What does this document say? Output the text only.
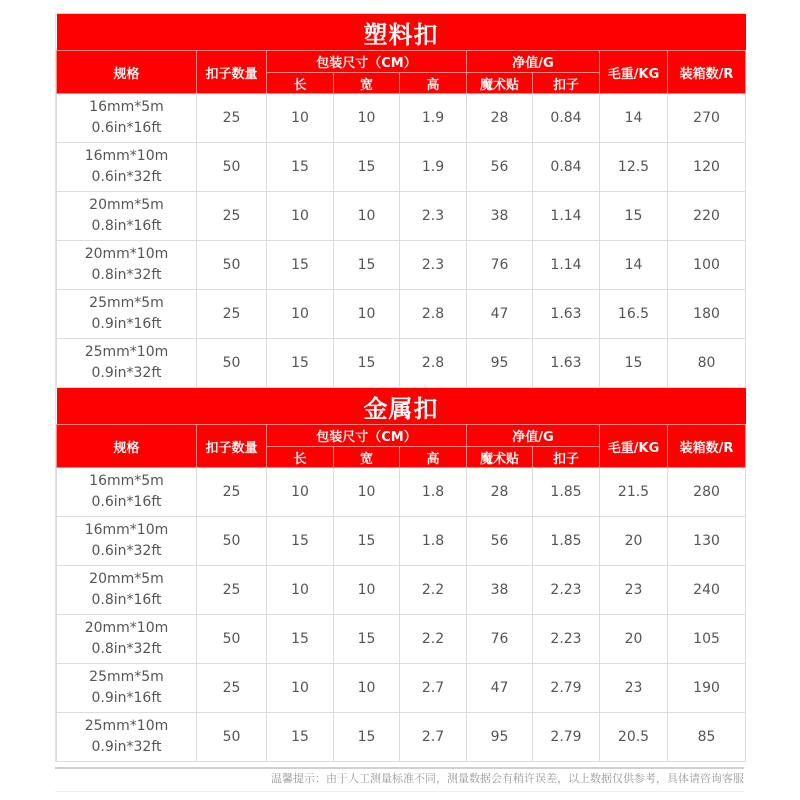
塑料扣								
规格	扣子数量	包装尺寸（CM）			净值/G		毛重/KG	装箱数/R
		长	宽	高	魔术贴	扣子		

16mm*5m
0.6in*16ft	25	10	10	1.9	28	0.84	14	270

16mm*10m
0.6in*32ft	50	15	15	1.9	56	0.84	12.5	120

20mm*5m
0.8in*16ft	25	10	10	2.3	38	1.14	15	220

20mm*10m
0.8in*32ft	50	15	15	2.3	76	1.14	14	100

25mm*5m
0.9in*16ft	25	10	10	2.8	47	1.63	16.5	180

25mm*10m
0.9in*32ft	50	15	15	2.8	95	1.63	15	80
金属扣								
规格	扣子数量	包装尺寸（CM）			净值/G		毛重/KG	装箱数/R
		长	宽	高	魔术贴	扣子		

16mm*5m
0.6in*16ft	25	10	10	1.8	28	1.85	21.5	280

16mm*10m
0.6in*32ft	50	15	15	1.8	56	1.85	20	130

20mm*5m
0.8in*16ft	25	10	10	2.2	38	2.23	23	240

20mm*10m
0.8in*32ft	50	15	15	2.2	76	2.23	20	105

25mm*5m
0.9in*16ft	25	10	10	2.7	47	2.79	23	190

25mm*10m
0.9in*32ft	50	15	15	2.7	95	2.79	20.5	85
温馨提示：由于人工测量标准不同，测量数据会有稍许误差，以上数据仅供参考，具体请咨询客服
